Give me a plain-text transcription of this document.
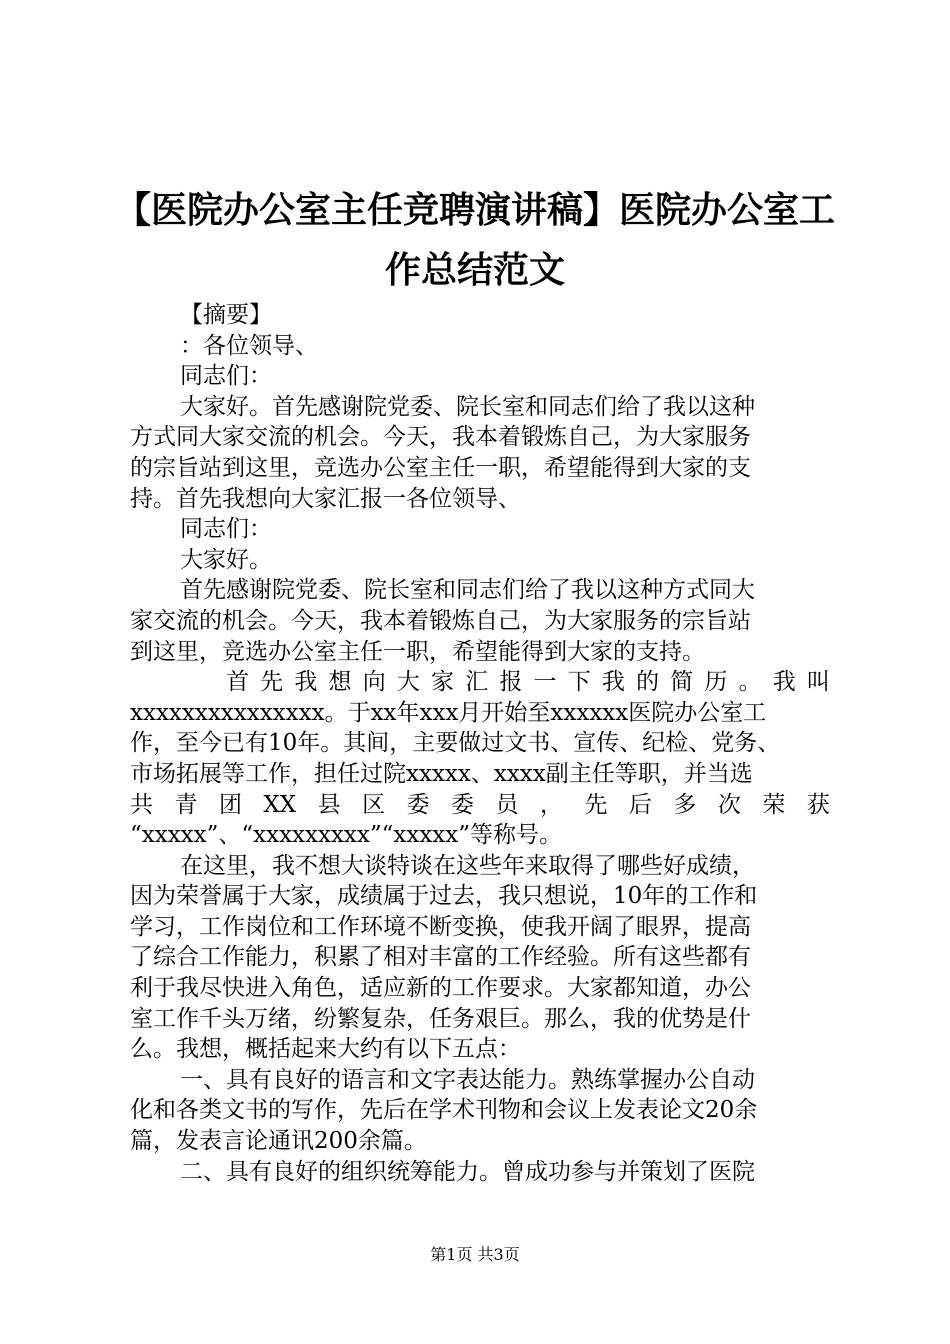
【医院办公室主任竞聘演讲稿】医院办公室工
作总结范文
【摘要】
：各位领导、
同志们：
大家好。首先感谢院党委、院长室和同志们给了我以这种
方式同大家交流的机会。今天，我本着锻炼自己，为大家服务
的宗旨站到这里，竞选办公室主任一职，希望能得到大家的支
持。首先我想向大家汇报一各位领导、
同志们：
大家好。
首先感谢院党委、院长室和同志们给了我以这种方式同大
家交流的机会。今天，我本着锻炼自己，为大家服务的宗旨站
到这里，竞选办公室主任一职，希望能得到大家的支持。
首 先 我 想 向 大 家 汇 报 一 下 我 的 简 历 。 我 叫
xxxxxxxxxxxxxxx。于xx年xxx月开始至xxxxxx医院办公室工
作，至今已有10年。其间，主要做过文书、宣传、纪检、党务、
市场拓展等工作，担任过院xxxxx、xxxx副主任等职，并当选
共 青 团 XX 县 区 委 委 员 ， 先 后 多 次 荣 获
“xxxxx”、“xxxxxxxxx”“xxxxx”等称号。
在这里，我不想大谈特谈在这些年来取得了哪些好成绩，
因为荣誉属于大家，成绩属于过去，我只想说，10年的工作和
学习，工作岗位和工作环境不断变换，使我开阔了眼界，提高
了综合工作能力，积累了相对丰富的工作经验。所有这些都有
利于我尽快进入角色，适应新的工作要求。大家都知道，办公
室工作千头万绪，纷繁复杂，任务艰巨。那么，我的优势是什
么。我想，概括起来大约有以下五点：
一、具有良好的语言和文字表达能力。熟练掌握办公自动
化和各类文书的写作，先后在学术刊物和会议上发表论文20余
篇，发表言论通讯200余篇。
二、具有良好的组织统筹能力。曾成功参与并策划了医院
第1页 共3页
